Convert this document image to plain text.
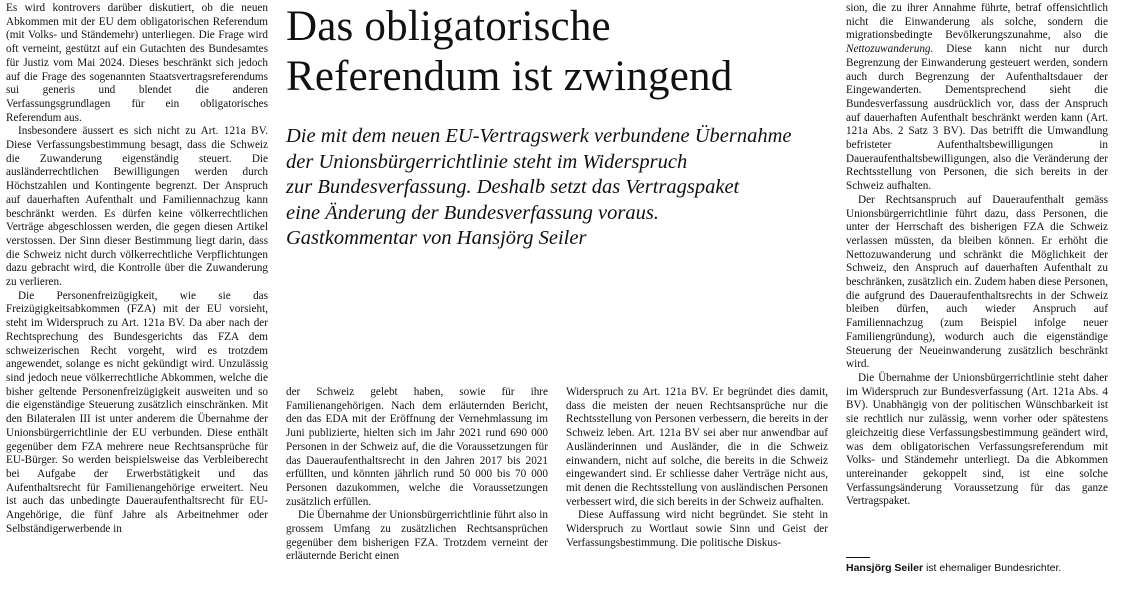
Es wird kontrovers darüber diskutiert, ob die neuen Abkommen mit der EU dem obligatorischen Referendum (mit Volks- und Ständemehr) unterliegen. Die Frage wird oft verneint, gestützt auf ein Gutachten des Bundesamtes für Justiz vom Mai 2024. Dieses beschränkt sich jedoch auf die Frage des sogenannten Staatsvertragsreferendums sui generis und blendet die anderen Verfassungsgrundlagen für ein obligatorisches Referendum aus.

Insbesondere äussert es sich nicht zu Art. 121a BV. Diese Verfassungsbestimmung besagt, dass die Schweiz die Zuwanderung eigenständig steuert. Die ausländerrechtlichen Bewilligungen werden durch Höchstzahlen und Kontingente begrenzt. Der Anspruch auf dauerhaften Aufenthalt und Familiennachzug kann beschränkt werden. Es dürfen keine völkerrechtlichen Verträge abgeschlossen werden, die gegen diesen Artikel verstossen. Der Sinn dieser Bestimmung liegt darin, dass die Schweiz nicht durch völkerrechtliche Verpflichtungen dazu gebracht wird, die Kontrolle über die Zuwanderung zu verlieren.

Die Personenfreizügigkeit, wie sie das Freizügigkeitsabkommen (FZA) mit der EU vorsieht, steht im Widerspruch zu Art. 121a BV. Da aber nach der Rechtsprechung des Bundesgerichts das FZA dem schweizerischen Recht vorgeht, wird es trotzdem angewendet, solange es nicht gekündigt wird. Unzulässig sind jedoch neue völkerrechtliche Abkommen, welche die bisher geltende Personenfreizügigkeit ausweiten und so die eigenständige Steuerung zusätzlich einschränken. Mit den Bilateralen III ist unter anderem die Übernahme der Unionsbürgerrichtlinie der EU verbunden. Diese enthält gegenüber dem FZA mehrere neue Rechtsansprüche für EU-Bürger. So werden beispielsweise das Verbleiberecht bei Aufgabe der Erwerbstätigkeit und das Aufenthaltsrecht für Familienangehörige erweitert. Neu ist auch das unbedingte Daueraufenthaltsrecht für EU-Angehörige, die fünf Jahre als Arbeitnehmer oder Selbständigerwerbende in

Das obligatorische Referendum ist zwingend
Die mit dem neuen EU-Vertragswerk verbundene Übernahme
der Unionsbürgerrichtlinie steht im Widerspruch
zur Bundesverfassung. Deshalb setzt das Vertragspaket
eine Änderung der Bundesverfassung voraus.
Gastkommentar von Hansjörg Seiler

der Schweiz gelebt haben, sowie für ihre Familienangehörigen. Nach dem erläuternden Bericht, den das EDA mit der Eröffnung der Vernehmlassung im Juni publizierte, hielten sich im Jahr 2021 rund 690 000 Personen in der Schweiz auf, die die Voraussetzungen für das Daueraufenthaltsrecht in den Jahren 2017 bis 2021 erfüllten, und könnten jährlich rund 50 000 bis 70 000 Personen dazukommen, welche die Voraussetzungen zusätzlich erfüllen.

Die Übernahme der Unionsbürgerrichtlinie führt also in grossem Umfang zu zusätzlichen Rechtsansprüchen gegenüber dem bisherigen FZA. Trotzdem verneint der erläuternde Bericht einen

Widerspruch zu Art. 121a BV. Er begründet dies damit, dass die meisten der neuen Rechtsansprüche nur die Rechtsstellung von Personen verbessern, die bereits in der Schweiz leben. Art. 121a BV sei aber nur anwendbar auf Ausländerinnen und Ausländer, die in die Schweiz einwandern, nicht auf solche, die bereits in die Schweiz eingewandert sind. Er schliesse daher Verträge nicht aus, mit denen die Rechtsstellung von ausländischen Personen verbessert wird, die sich bereits in der Schweiz aufhalten.

Diese Auffassung wird nicht begründet. Sie steht in Widerspruch zu Wortlaut sowie Sinn und Geist der Verfassungsbestimmung. Die politische Diskus-

sion, die zu ihrer Annahme führte, betraf offensichtlich nicht die Einwanderung als solche, sondern die migrationsbedingte Bevölkerungszunahme, also die Nettozuwanderung. Diese kann nicht nur durch Begrenzung der Einwanderung gesteuert werden, sondern auch durch Begrenzung der Aufenthaltsdauer der Eingewanderten. Dementsprechend sieht die Bundesverfassung ausdrücklich vor, dass der Anspruch auf dauerhaften Aufenthalt beschränkt werden kann (Art. 121a Abs. 2 Satz 3 BV). Das betrifft die Umwandlung befristeter Aufenthaltsbewilligungen in Daueraufenthaltsbewilligungen, also die Veränderung der Rechtsstellung von Personen, die sich bereits in der Schweiz aufhalten.

Der Rechtsanspruch auf Daueraufenthalt gemäss Unionsbürgerrichtlinie führt dazu, dass Personen, die unter der Herrschaft des bisherigen FZA die Schweiz verlassen müssten, da bleiben können. Er erhöht die Nettozuwanderung und schränkt die Möglichkeit der Schweiz, den Anspruch auf dauerhaften Aufenthalt zu beschränken, zusätzlich ein. Zudem haben diese Personen, die aufgrund des Daueraufenthaltsrechts in der Schweiz bleiben dürfen, auch wieder Anspruch auf Familiennachzug (zum Beispiel infolge neuer Familiengründung), wodurch auch die eigenständige Steuerung der Neueinwanderung zusätzlich beschränkt wird.

Die Übernahme der Unionsbürgerrichtlinie steht daher im Widerspruch zur Bundesverfassung (Art. 121a Abs. 4 BV). Unabhängig von der politischen Wünschbarkeit ist sie rechtlich nur zulässig, wenn vorher oder spätestens gleichzeitig diese Verfassungsbestimmung geändert wird, was dem obligatorischen Verfassungsreferendum mit Volks- und Ständemehr unterliegt. Da die Abkommen untereinander gekoppelt sind, ist eine solche Verfassungsänderung Voraussetzung für das ganze Vertragspaket.

Hansjörg Seiler ist ehemaliger Bundesrichter.
